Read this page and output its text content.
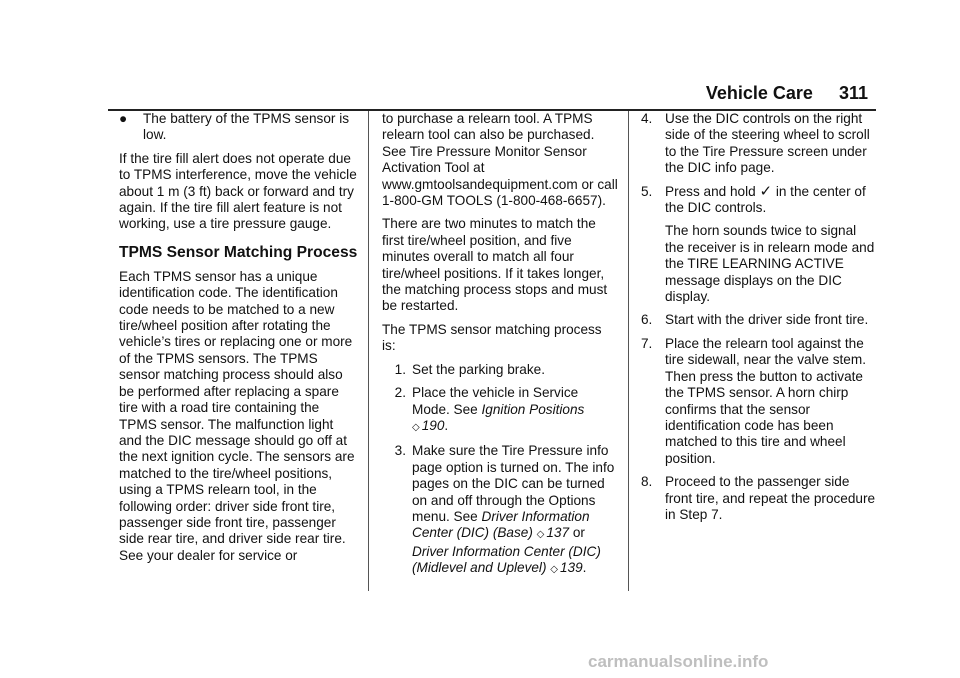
Vehicle Care 311
●	The battery of the TPMS sensor is low.

If the tire fill alert does not operate due to TPMS interference, move the vehicle about 1 m (3 ft) back or forward and try again. If the tire fill alert feature is not working, use a tire pressure gauge.

TPMS Sensor Matching Process

Each TPMS sensor has a unique identification code. The identification code needs to be matched to a new tire/wheel position after rotating the vehicle’s tires or replacing one or more of the TPMS sensors. The TPMS sensor matching process should also be performed after replacing a spare tire with a road tire containing the TPMS sensor. The malfunction light and the DIC message should go off at the next ignition cycle. The sensors are matched to the tire/wheel positions, using a TPMS relearn tool, in the following order: driver side front tire, passenger side front tire, passenger side rear tire, and driver side rear tire. See your dealer for service or

to purchase a relearn tool. A TPMS relearn tool can also be purchased. See Tire Pressure Monitor Sensor Activation Tool at www.gmtoolsandequipment.com or call 1-800-GM TOOLS (1-800-468-6657).

There are two minutes to match the first tire/wheel position, and five minutes overall to match all four tire/wheel positions. If it takes longer, the matching process stops and must be restarted.

The TPMS sensor matching process is:

1. Set the parking brake.
2. Place the vehicle in Service Mode. See Ignition Positions
◇ 190.
3. Make sure the Tire Pressure info page option is turned on. The info pages on the DIC can be turned on and off through the Options menu. See Driver Information Center (DIC) (Base) ◇ 137 or Driver Information Center (DIC) (Midlevel and Uplevel) ◇ 139.
4. Use the DIC controls on the right side of the steering wheel to scroll to the Tire Pressure screen under the DIC info page.
5. Press and hold ✓ in the center of the DIC controls.

The horn sounds twice to signal the receiver is in relearn mode and the TIRE LEARNING ACTIVE message displays on the DIC display.

6. Start with the driver side front tire.
7. Place the relearn tool against the tire sidewall, near the valve stem. Then press the button to activate the TPMS sensor. A horn chirp confirms that the sensor identification code has been matched to this tire and wheel position.
8. Proceed to the passenger side front tire, and repeat the procedure in Step 7.
carmanualsonline.info
